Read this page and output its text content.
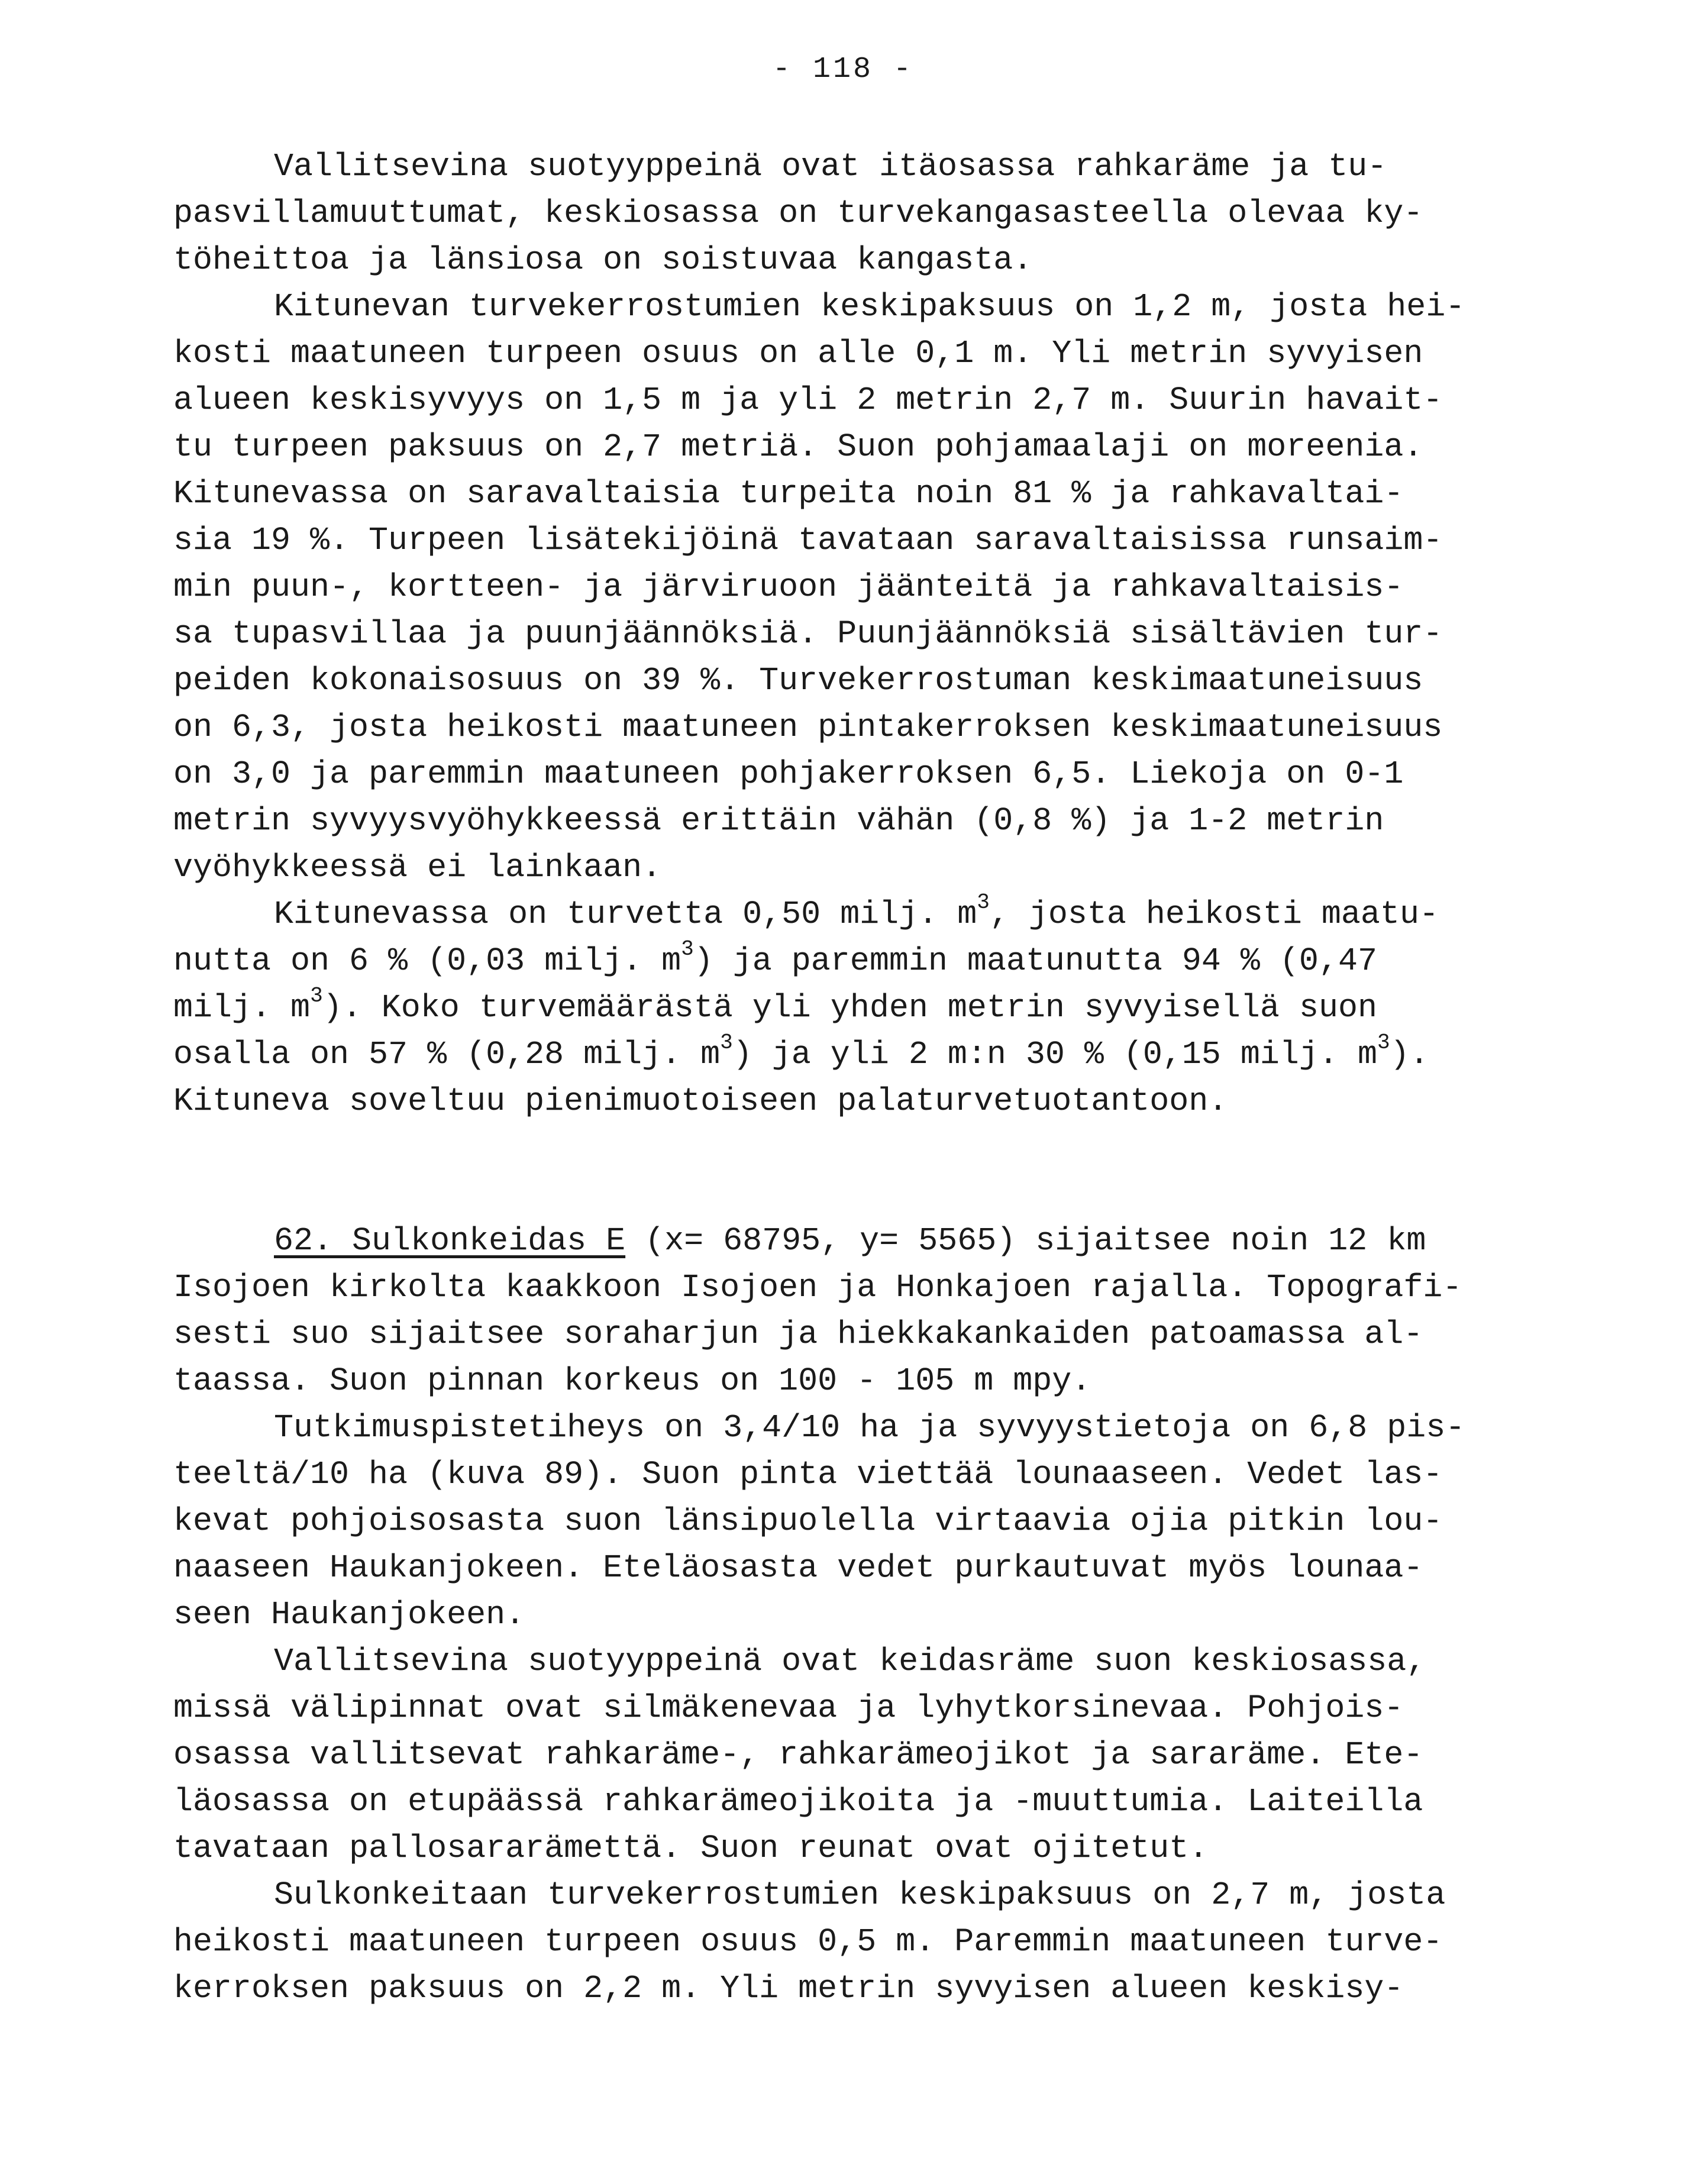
- 118 -
Vallitsevina suotyyppeinä ovat itäosassa rahkaräme ja tu-
pasvillamuuttumat, keskiosassa on turvekangasasteella olevaa ky-
töheittoa ja länsiosa on soistuvaa kangasta.
Kitunevan turvekerrostumien keskipaksuus on 1,2 m, josta hei-
kosti maatuneen turpeen osuus on alle 0,1 m. Yli metrin syvyisen
alueen keskisyvyys on 1,5 m ja yli 2 metrin 2,7 m. Suurin havait-
tu turpeen paksuus on 2,7 metriä. Suon pohjamaalaji on moreenia.
Kitunevassa on saravaltaisia turpeita noin 81 % ja rahkavaltai-
sia 19 %. Turpeen lisätekijöinä tavataan saravaltaisissa runsaim-
min puun-, kortteen- ja järviruoon jäänteitä ja rahkavaltaisis-
sa tupasvillaa ja puunjäännöksiä. Puunjäännöksiä sisältävien tur-
peiden kokonaisosuus on 39 %. Turvekerrostuman keskimaatuneisuus
on 6,3, josta heikosti maatuneen pintakerroksen keskimaatuneisuus
on 3,0 ja paremmin maatuneen pohjakerroksen 6,5. Liekoja on 0-1
metrin syvyysvyöhykkeessä erittäin vähän (0,8 %) ja 1-2 metrin
vyöhykkeessä ei lainkaan.
Kitunevassa on turvetta 0,50 milj. $m^3$, josta heikosti maatu-
nutta on 6 % (0,03 milj. $m^3$) ja paremmin maatunutta 94 % (0,47
milj. $m^3$). Koko turvemäärästä yli yhden metrin syvyisellä suon
osalla on 57 % (0,28 milj. $m^3$) ja yli 2 m:n 30 % (0,15 milj. $m^3$).
Kituneva soveltuu pienimuotoiseen palaturvetuotantoon.
62. Sulkonkeidas E (x= 68795, y= 5565) sijaitsee noin 12 km
Isojoen kirkolta kaakkoon Isojoen ja Honkajoen rajalla. Topografi-
sesti suo sijaitsee soraharjun ja hiekkakankaiden patoamassa al-
taassa. Suon pinnan korkeus on 100 - 105 m mpy.
Tutkimuspistetiheys on 3,4/10 ha ja syvyystietoja on 6,8 pis-
teeltä/10 ha (kuva 89). Suon pinta viettää lounaaseen. Vedet las-
kevat pohjoisosasta suon länsipuolella virtaavia ojia pitkin lou-
naaseen Haukanjokeen. Eteläosasta vedet purkautuvat myös lounaa-
seen Haukanjokeen.
Vallitsevina suotyyppeinä ovat keidasräme suon keskiosassa,
missä välipinnat ovat silmäkenevaa ja lyhytkorsinevaa. Pohjois-
osassa vallitsevat rahkaräme-, rahkarämeojikot ja sararäme. Ete-
läosassa on etupäässä rahkarämeojikoita ja -muuttumia. Laiteilla
tavataan pallosararämettä. Suon reunat ovat ojitetut.
Sulkonkeitaan turvekerrostumien keskipaksuus on 2,7 m, josta
heikosti maatuneen turpeen osuus 0,5 m. Paremmin maatuneen turve-
kerroksen paksuus on 2,2 m. Yli metrin syvyisen alueen keskisy-
